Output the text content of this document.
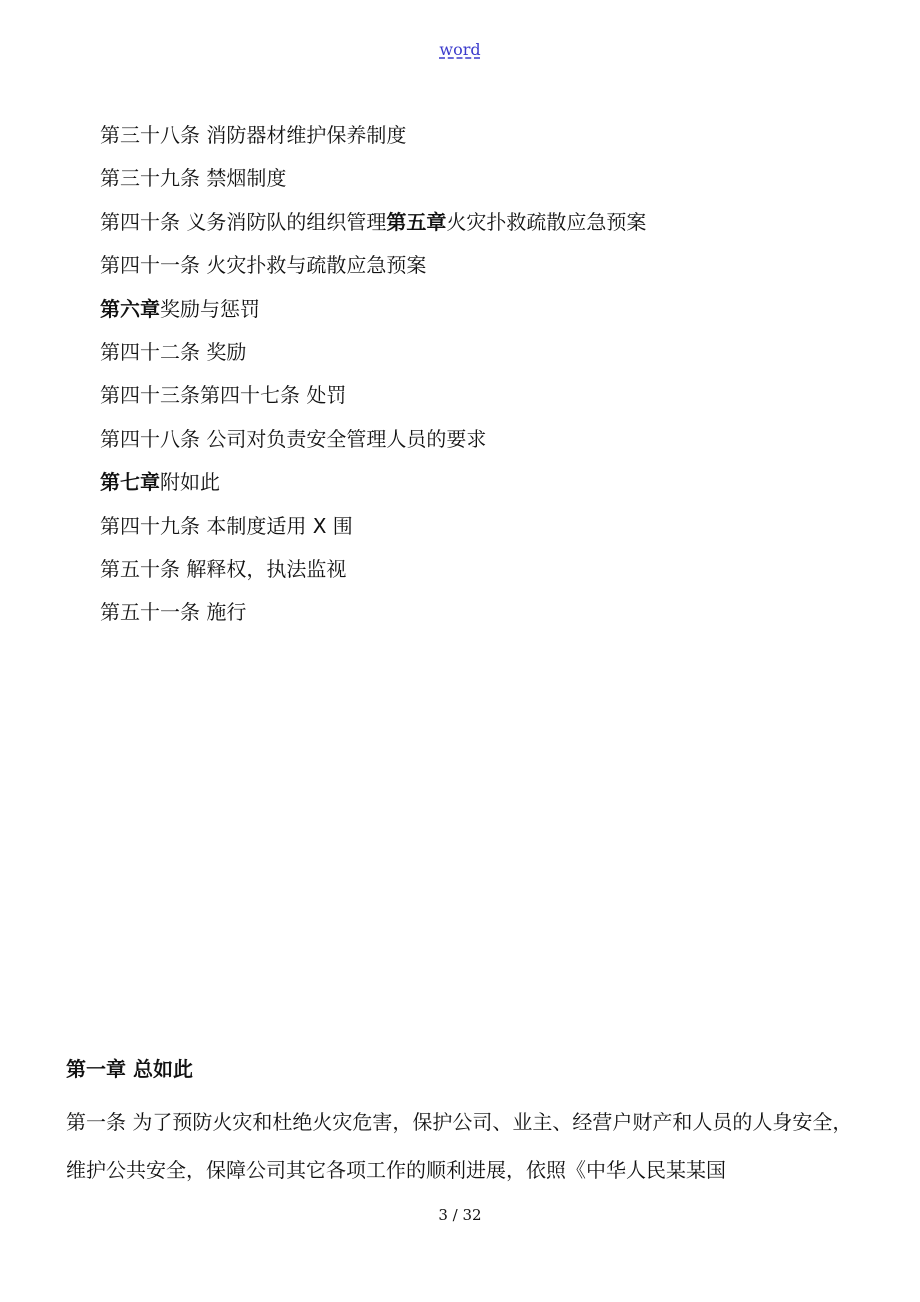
word
第三十八条 消防器材维护保养制度
第三十九条 禁烟制度
第四十条 义务消防队的组织管理第五章火灾扑救疏散应急预案
第四十一条 火灾扑救与疏散应急预案
第六章奖励与惩罚
第四十二条 奖励
第四十三条第四十七条 处罚
第四十八条 公司对负责安全管理人员的要求
第七章附如此
第四十九条 本制度适用 X 围
第五十条 解释权，执法监视
第五十一条 施行
第一章 总如此

第一条 为了预防火灾和杜绝火灾危害，保护公司、业主、经营户财产和人员的人身安全，维护公共安全，保障公司其它各项工作的顺利进展，依照《中华人民某某国

3 / 32
